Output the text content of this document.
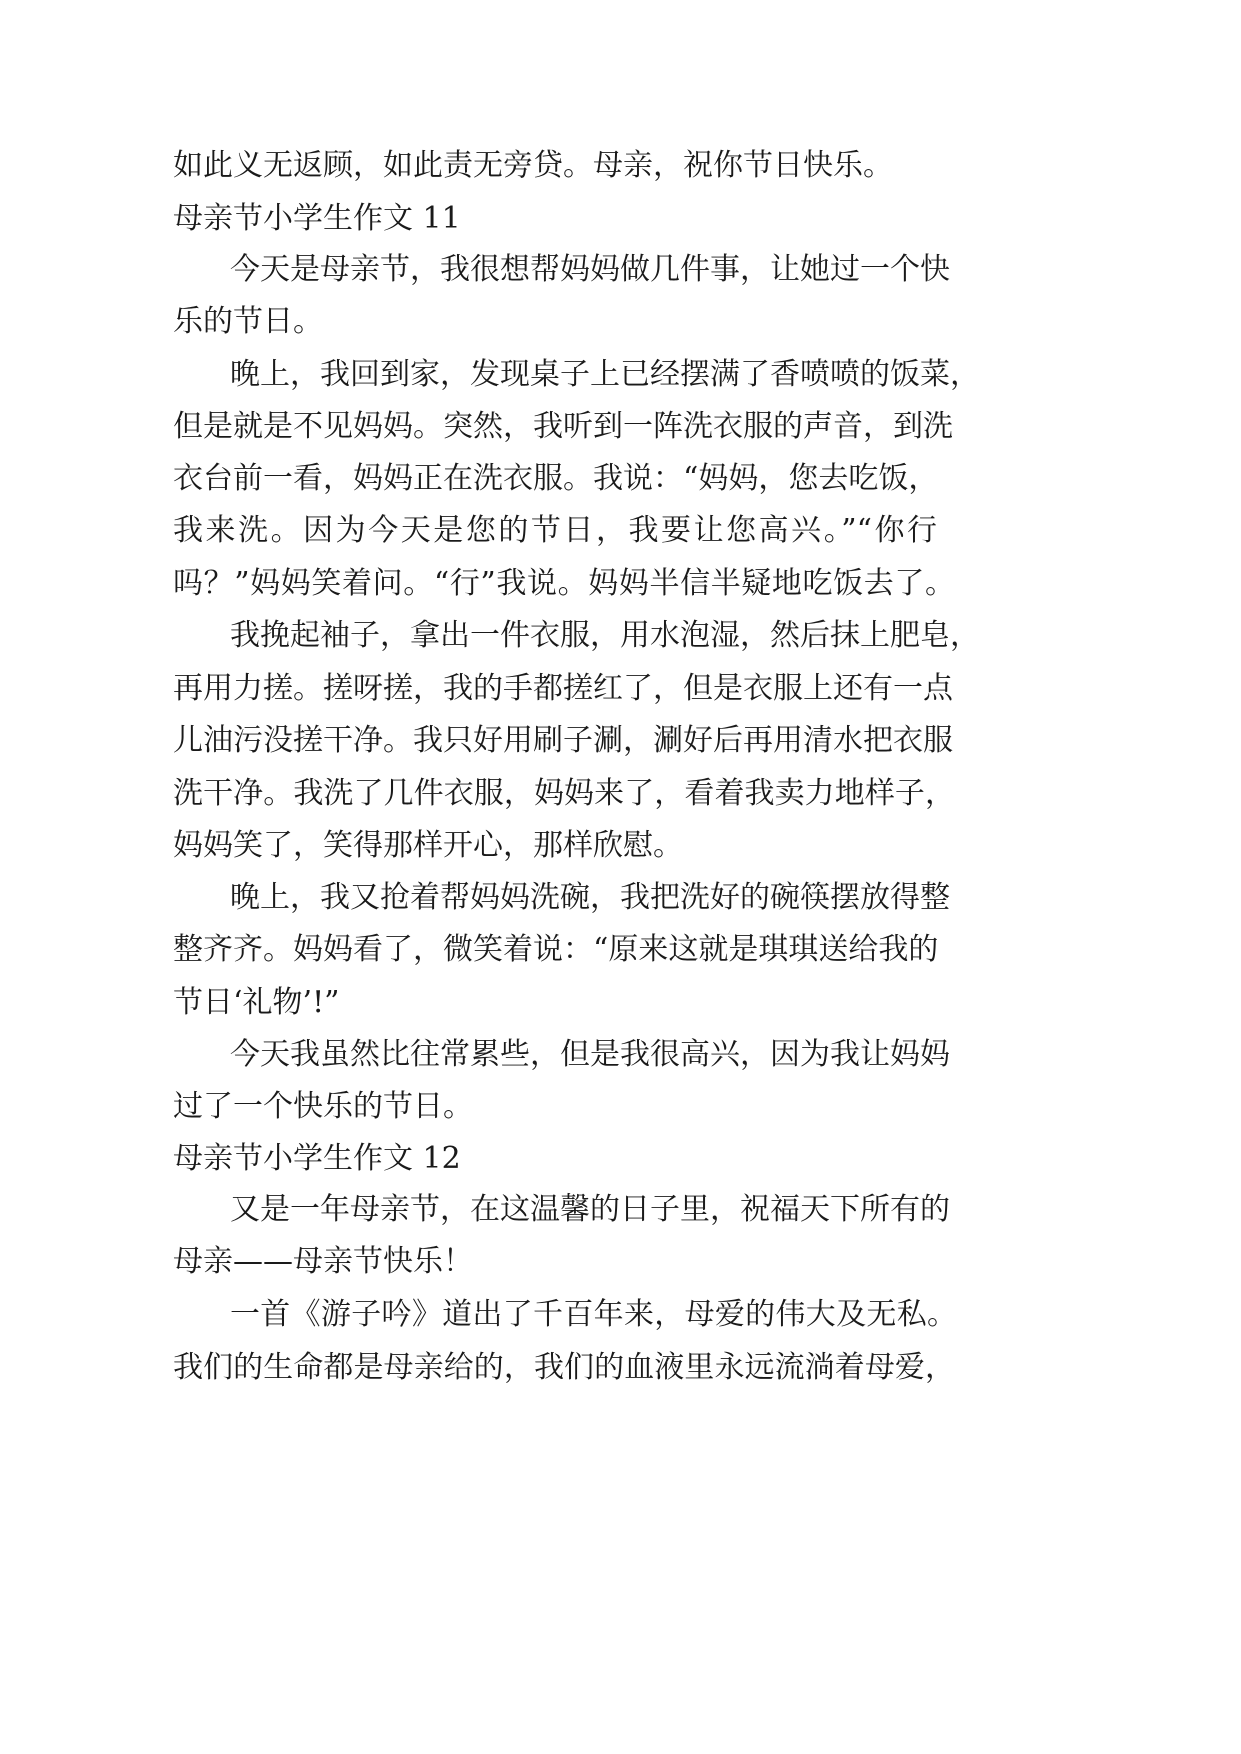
如此义无返顾，如此责无旁贷。母亲，祝你节日快乐。
母亲节小学生作文 11
今天是母亲节，我很想帮妈妈做几件事，让她过一个快
乐的节日。
晚上，我回到家，发现桌子上已经摆满了香喷喷的饭菜，
但是就是不见妈妈。突然，我听到一阵洗衣服的声音，到洗
衣台前一看，妈妈正在洗衣服。我说：“妈妈，您去吃饭，
我来洗。因为今天是您的节日，我要让您高兴。”“你行
吗？”妈妈笑着问。“行”我说。妈妈半信半疑地吃饭去了。
我挽起袖子，拿出一件衣服，用水泡湿，然后抹上肥皂，
再用力搓。搓呀搓，我的手都搓红了，但是衣服上还有一点
儿油污没搓干净。我只好用刷子涮，涮好后再用清水把衣服
洗干净。我洗了几件衣服，妈妈来了，看着我卖力地样子，
妈妈笑了，笑得那样开心，那样欣慰。
晚上，我又抢着帮妈妈洗碗，我把洗好的碗筷摆放得整
整齐齐。妈妈看了，微笑着说：“原来这就是琪琪送给我的
节日‘礼物’!”
今天我虽然比往常累些，但是我很高兴，因为我让妈妈
过了一个快乐的节日。
母亲节小学生作文 12
又是一年母亲节，在这温馨的日子里，祝福天下所有的
母亲——母亲节快乐！
一首《游子吟》道出了千百年来，母爱的伟大及无私。
我们的生命都是母亲给的，我们的血液里永远流淌着母爱，
